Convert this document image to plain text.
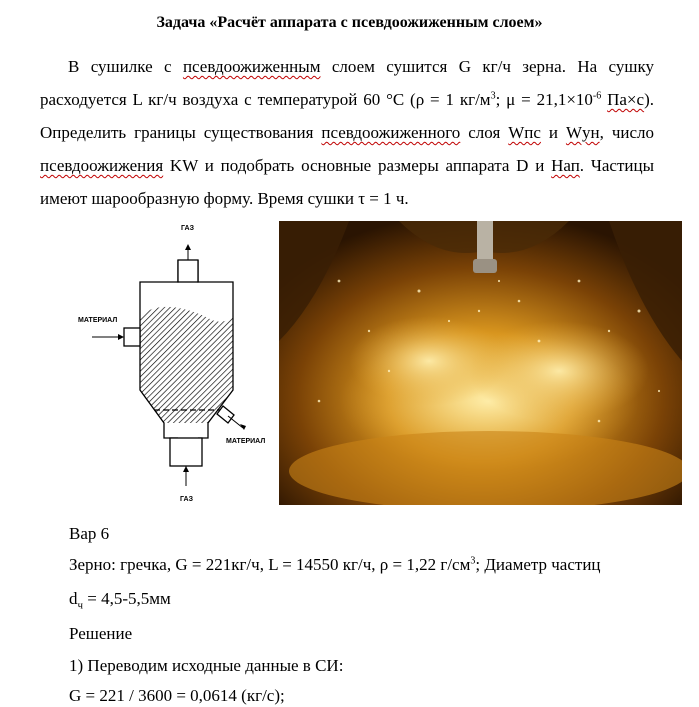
Задача «Расчёт аппарата с псевдоожиженным слоем»
В сушилке с псевдоожиженным слоем сушится G кг/ч зерна. На сушку расходуется L кг/ч воздуха с температурой 60 °С (ρ = 1 $кг/м^3$; $\mu = 21,1\times 10^{-6}$ Па×с). Определить границы существования псевдоожиженного слоя Wпс и Wун, число псевдоожижения KW и подобрать основные размеры аппарата D и Нап. Частицы имеют шарообразную форму. Время сушки τ = 1 ч.
ГАЗ
МАТЕРИАЛ
МАТЕРИАЛ
ГАЗ
Вар 6
Зерно: гречка, G = 221кг/ч, L = 14550 кг/ч, ρ = 1,22 $г/см^3$; Диаметр частиц
$d_ч = 4,5-5,5мм$
Решение
1) Переводим исходные данные в СИ:
G = 221 / 3600 = 0,0614 (кг/с);
